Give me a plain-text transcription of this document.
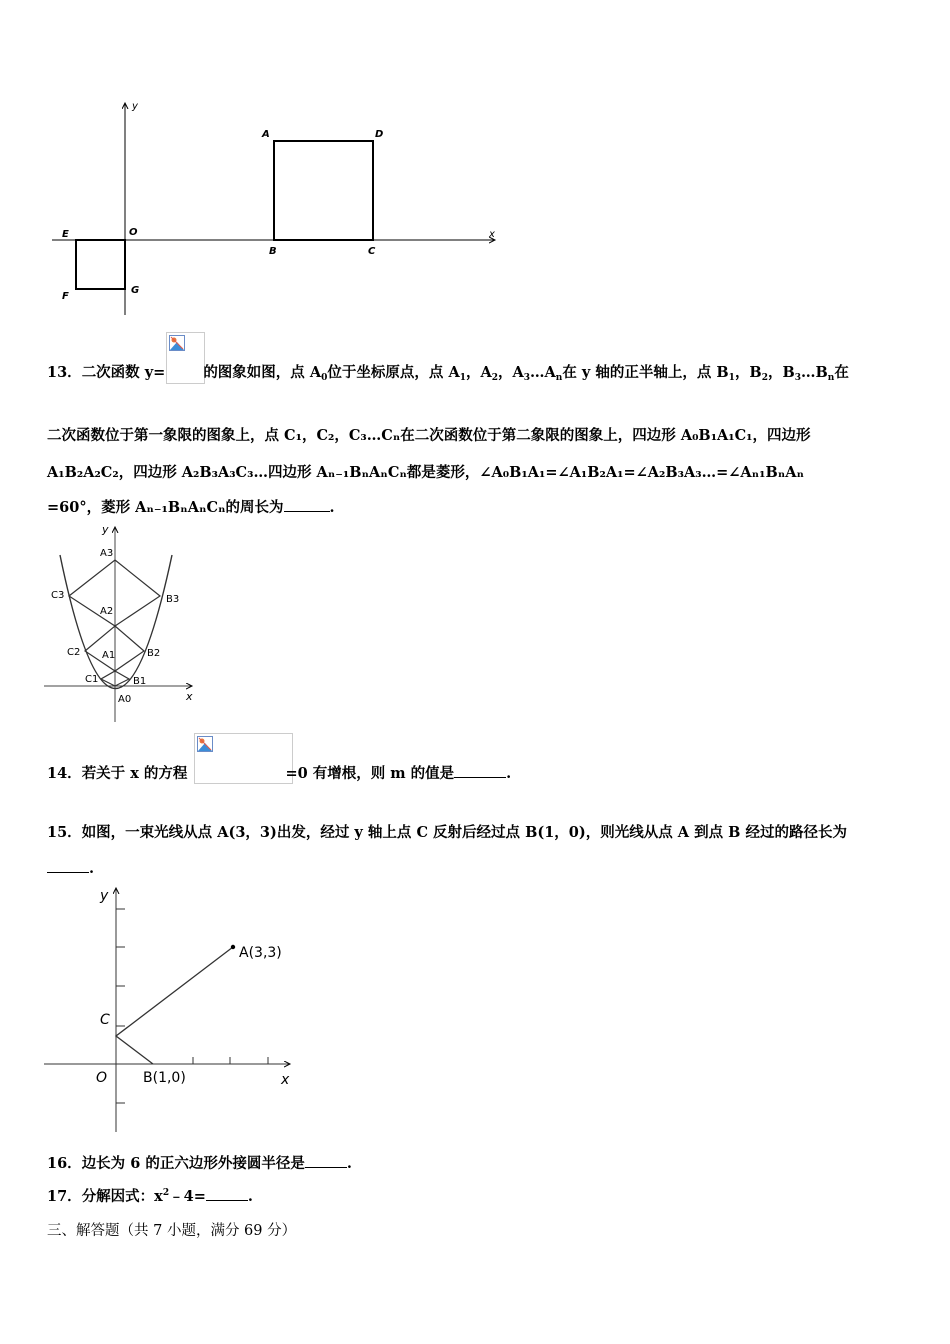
y
x
O
A	D
B	C
E
F
G
13．二次函数 y=	的图象如图，点 $A_0$位于坐标原点，点 $A_1$，$A_2$，$A_3\dots A_n$在 y 轴的正半轴上，点 $B_1$，$B_2$，$B_3\dots B_n$在
二次函数位于第一象限的图象上，点 C₁，C₂，C₃…Cₙ在二次函数位于第二象限的图象上，四边形 A₀B₁A₁C₁，四边形
A₁B₂A₂C₂，四边形 A₂B₃A₃C₃…四边形 Aₙ₋₁BₙAₙCₙ都是菱形，∠A₀B₁A₁=∠A₁B₂A₁=∠A₂B₃A₃…=∠Aₙ₁BₙAₙ
=60°，菱形 Aₙ₋₁BₙAₙCₙ的周长为	.
y
x
A3
A2
A1
A0
B3
B2
B1
C3
C2
C1
14．若关于 x 的方程	=0 有增根，则 m 的值是	.
15．如图，一束光线从点 A(3，3)出发，经过 y 轴上点 C 反射后经过点 B(1，0)，则光线从点 A 到点 B 经过的路径长为
.
y
x
O
C
A(3,3)
B(1,0)
16．边长为 6 的正六边形外接圆半径是	.
17．分解因式：$x^2﹣4=$	.
三、解答题（共 7 小题，满分 69 分）
